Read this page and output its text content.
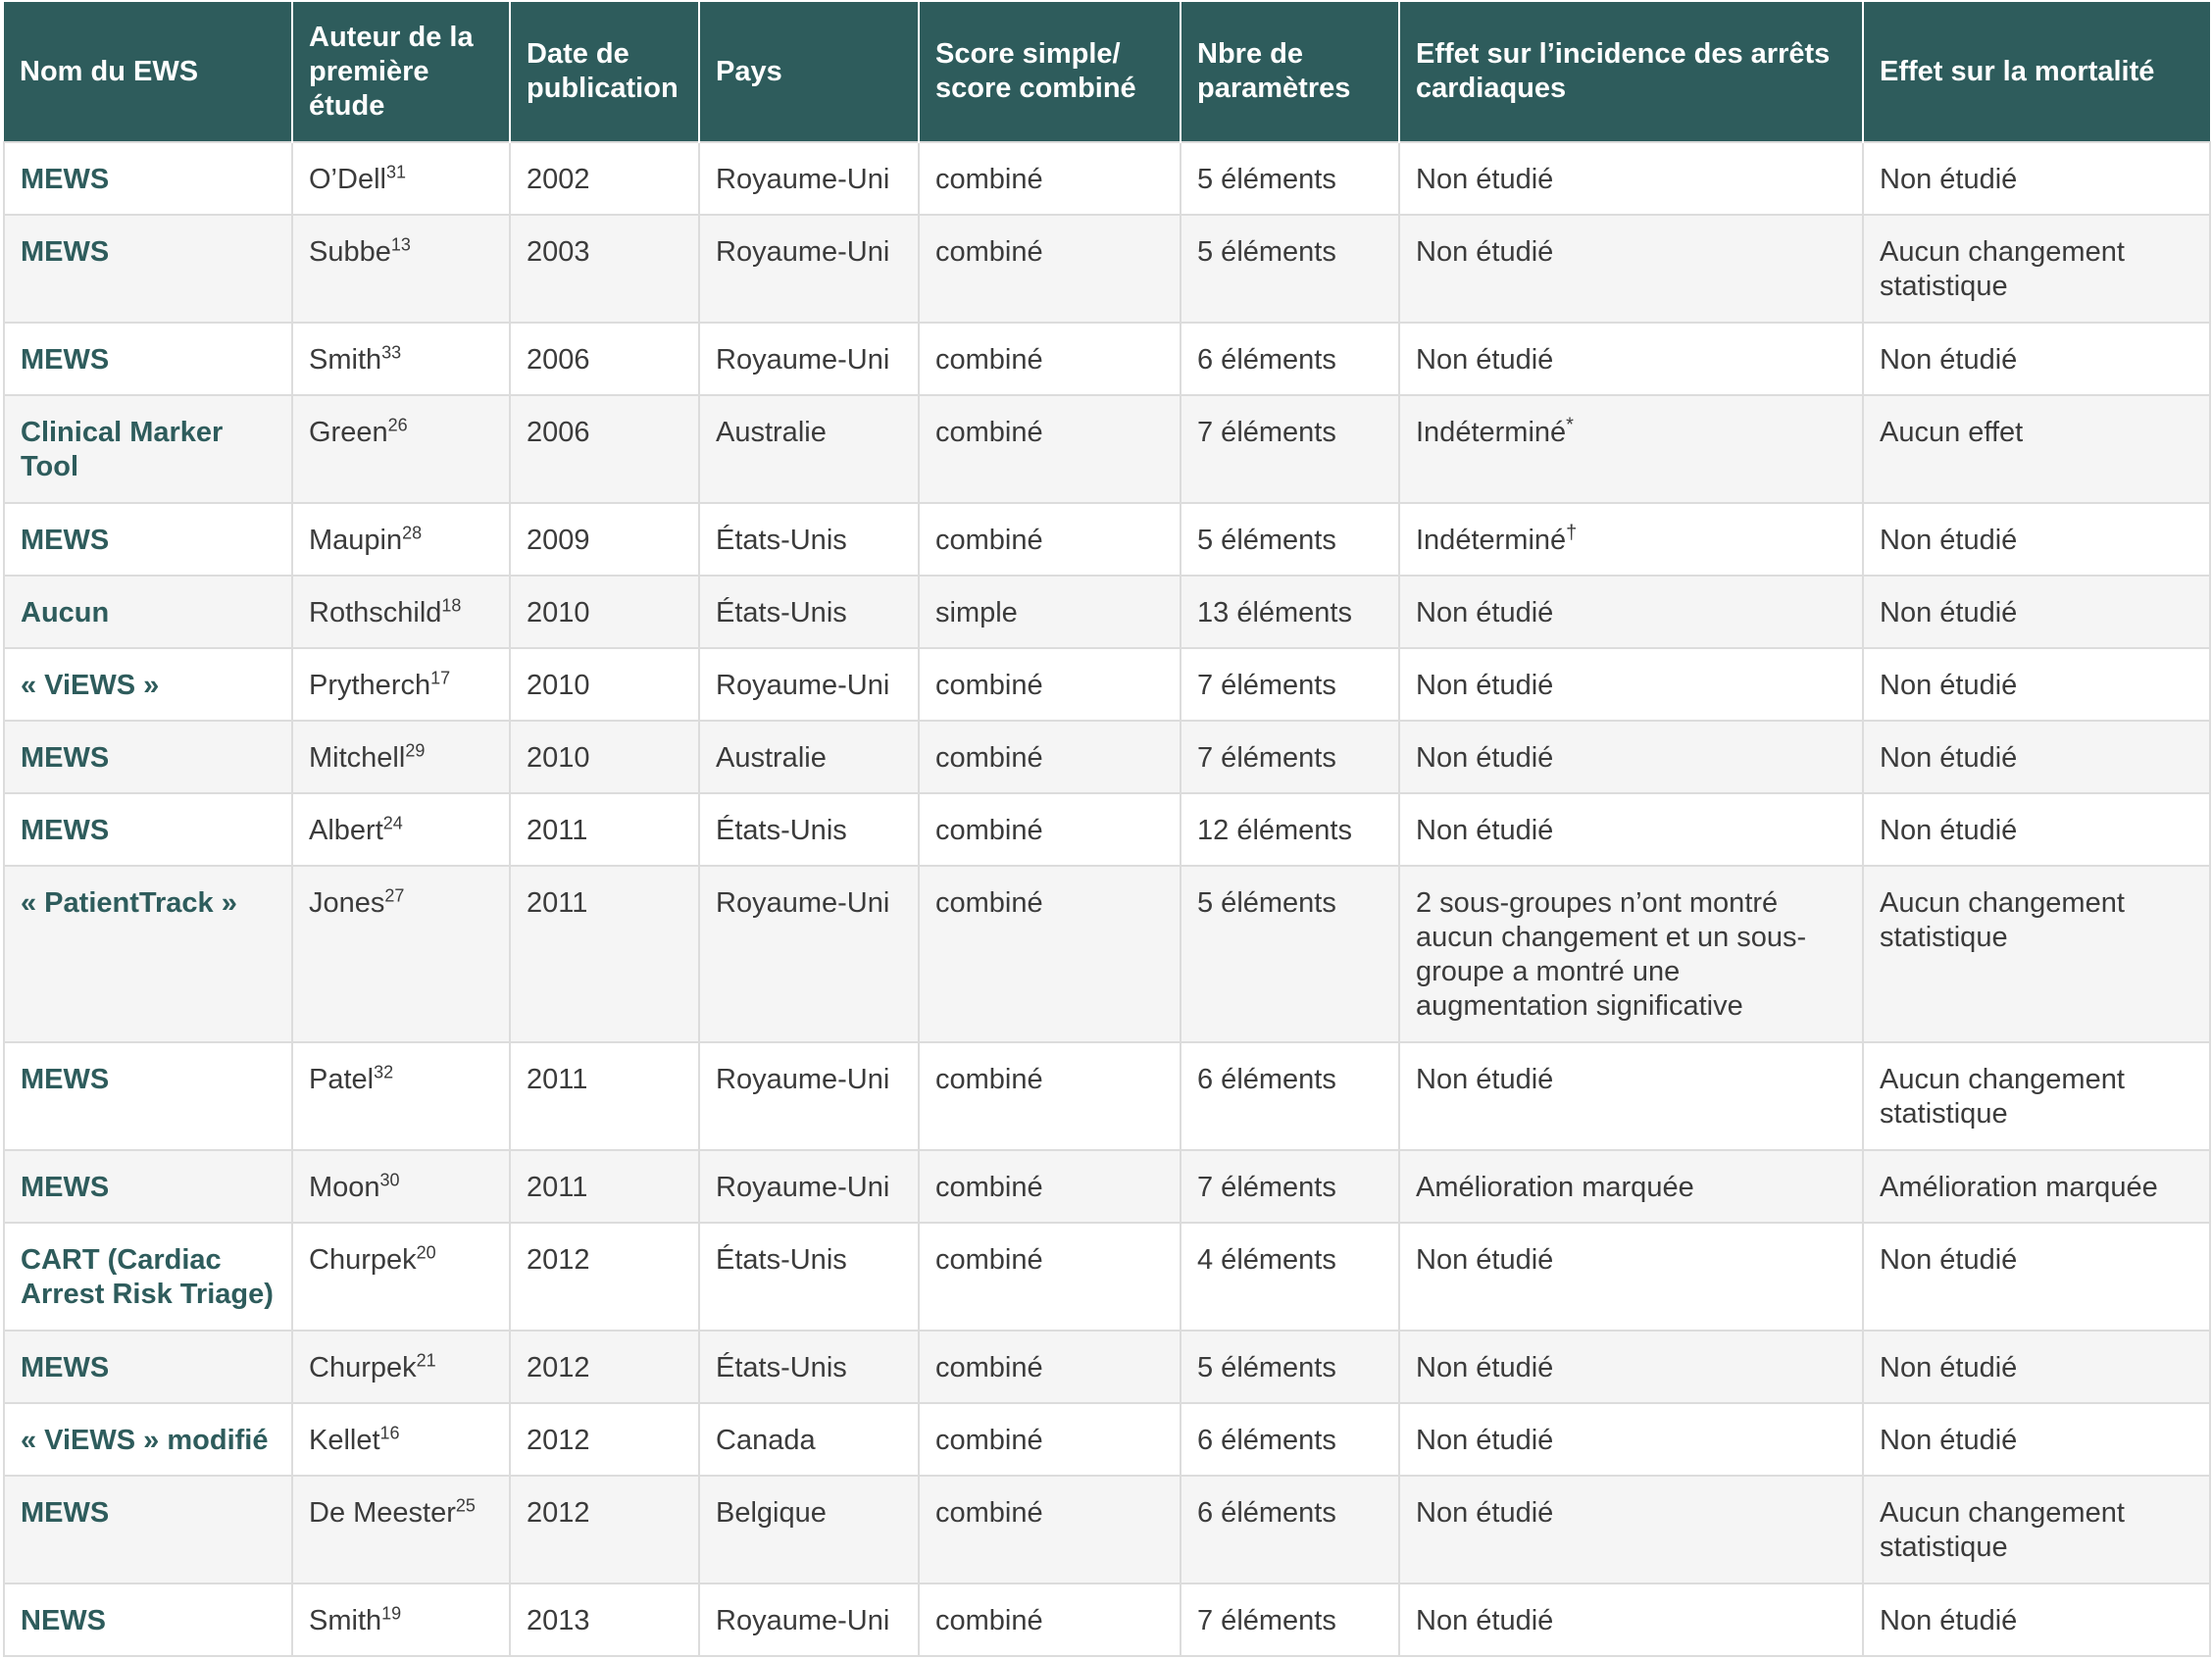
Nom du EWS	Auteur de la première étude	Date de publication	Pays	Score simple/ score combiné	Nbre de paramètres	Effet sur l’incidence des arrêts cardiaques	Effet sur la mortalité
MEWS	O’Dell$^{31}$	2002	Royaume-Uni	combiné	5 éléments	Non étudié	Non étudié
MEWS	Subbe$^{13}$	2003	Royaume-Uni	combiné	5 éléments	Non étudié	Aucun changement statistique
MEWS	Smith$^{33}$	2006	Royaume-Uni	combiné	6 éléments	Non étudié	Non étudié
Clinical Marker Tool	Green$^{26}$	2006	Australie	combiné	7 éléments	Indéterminé*	Aucun effet
MEWS	Maupin$^{28}$	2009	États-Unis	combiné	5 éléments	Indéterminé†	Non étudié
Aucun	Rothschild$^{18}$	2010	États-Unis	simple	13 éléments	Non étudié	Non étudié
« ViEWS »	Prytherch$^{17}$	2010	Royaume-Uni	combiné	7 éléments	Non étudié	Non étudié
MEWS	Mitchell$^{29}$	2010	Australie	combiné	7 éléments	Non étudié	Non étudié
MEWS	Albert$^{24}$	2011	États-Unis	combiné	12 éléments	Non étudié	Non étudié
« PatientTrack »	Jones$^{27}$	2011	Royaume-Uni	combiné	5 éléments	2 sous-groupes n’ont montré aucun changement et un sous-groupe a montré une augmentation significative	Aucun changement statistique
MEWS	Patel$^{32}$	2011	Royaume-Uni	combiné	6 éléments	Non étudié	Aucun changement statistique
MEWS	Moon$^{30}$	2011	Royaume-Uni	combiné	7 éléments	Amélioration marquée	Amélioration marquée
CART (Cardiac Arrest Risk Triage)	Churpek$^{20}$	2012	États-Unis	combiné	4 éléments	Non étudié	Non étudié
MEWS	Churpek$^{21}$	2012	États-Unis	combiné	5 éléments	Non étudié	Non étudié
« ViEWS » modifié	Kellet$^{16}$	2012	Canada	combiné	6 éléments	Non étudié	Non étudié
MEWS	De Meester$^{25}$	2012	Belgique	combiné	6 éléments	Non étudié	Aucun changement statistique
NEWS	Smith$^{19}$	2013	Royaume-Uni	combiné	7 éléments	Non étudié	Non étudié
